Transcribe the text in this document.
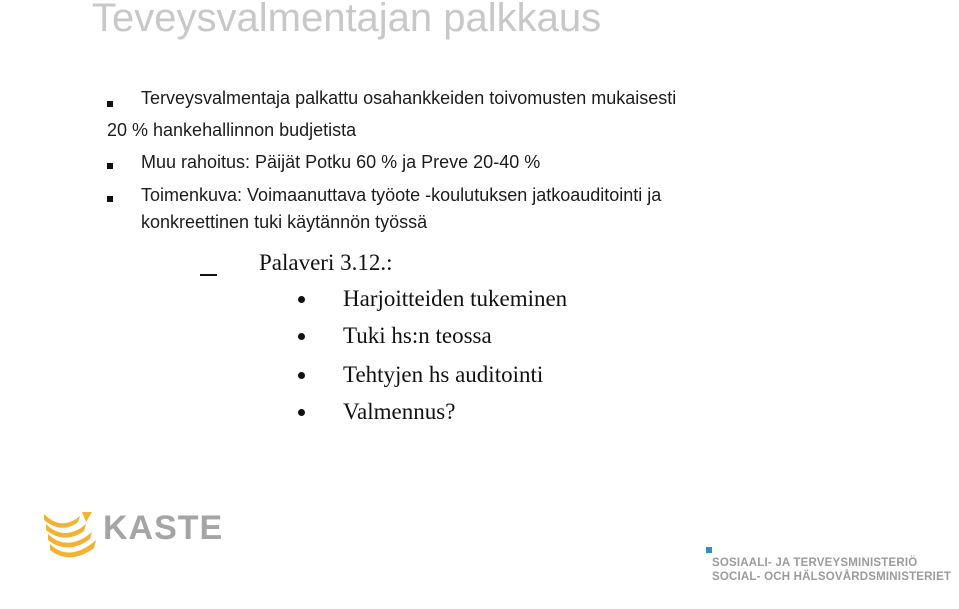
Teveysvalmentajan palkkaus
Terveysvalmentaja palkattu osahankkeiden toivomusten mukaisesti
20 % hankehallinnon budjetista
Muu rahoitus: Päijät Potku 60 % ja Preve 20-40 %
Toimenkuva: Voimaanuttava työote -koulutuksen jatkoauditointi ja
konkreettinen tuki käytännön työssä
Palaveri 3.12.:
Harjoitteiden tukeminen
Tuki hs:n teossa
Tehtyjen hs auditointi
Valmennus?
KASTE
SOSIAALI- JA TERVEYSMINISTERIÖ
SOCIAL- OCH HÄLSOVÅRDSMINISTERIET
